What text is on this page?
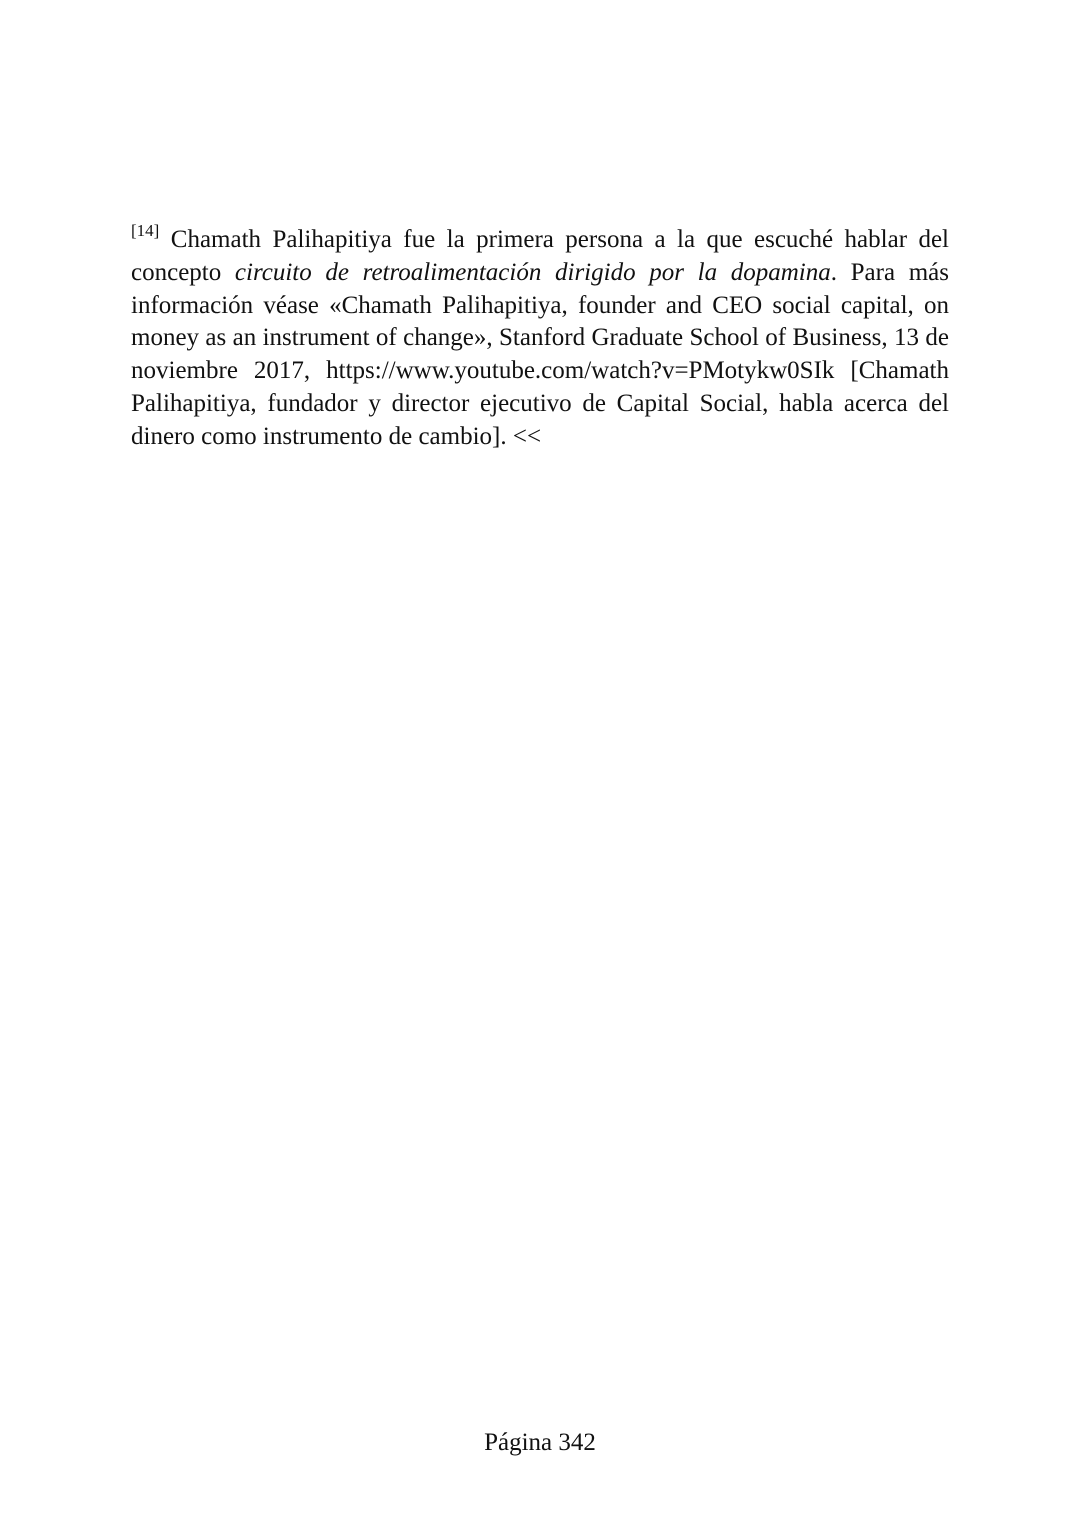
[14] Chamath Palihapitiya fue la primera persona a la que escuché hablar del concepto circuito de retroalimentación dirigido por la dopamina. Para más información véase «Chamath Palihapitiya, founder and CEO social capital, on money as an instrument of change», Stanford Graduate School of Business, 13 de noviembre 2017, https://www.youtube.com/watch?v=PMotykw0SIk [Chamath Palihapitiya, fundador y director ejecutivo de Capital Social, habla acerca del dinero como instrumento de cambio]. <<

Página 342
